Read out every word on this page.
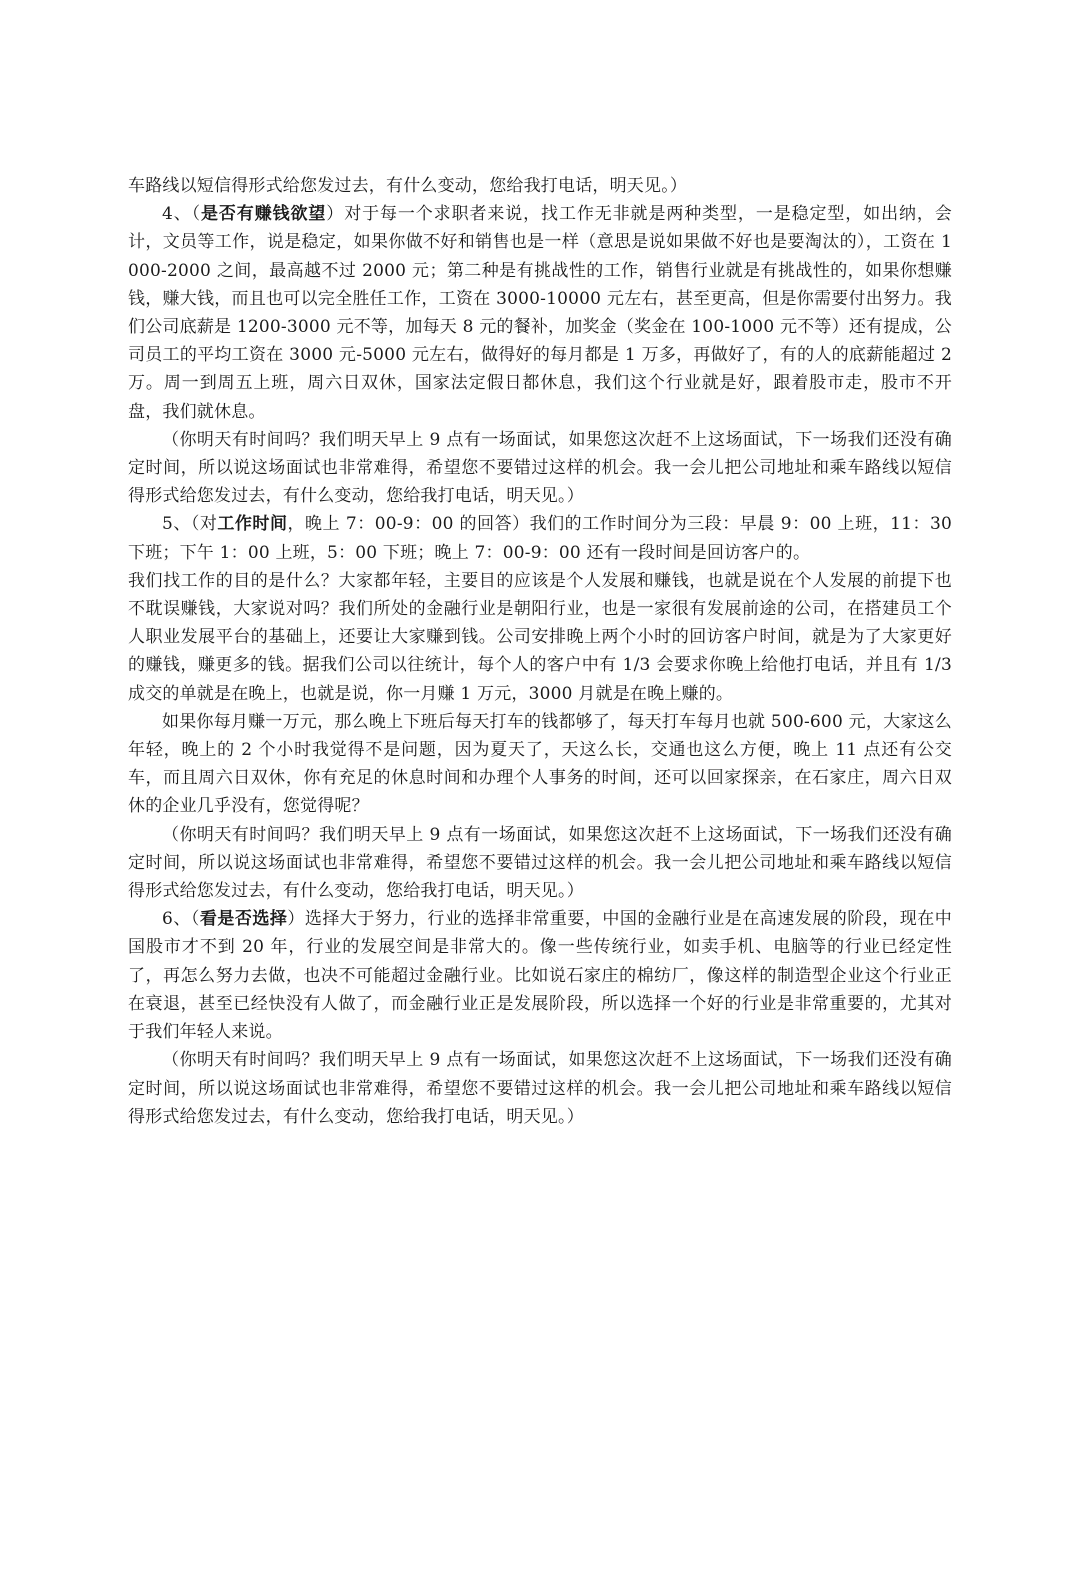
车路线以短信得形式给您发过去，有什么变动，您给我打电话，明天见。）

4、（是否有赚钱欲望）对于每一个求职者来说，找工作无非就是两种类型，一是稳定型，如出纳，会计，文员等工作，说是稳定，如果你做不好和销售也是一样（意思是说如果做不好也是要淘汰的），工资在 1000-2000 之间，最高越不过 2000 元；第二种是有挑战性的工作，销售行业就是有挑战性的，如果你想赚钱，赚大钱，而且也可以完全胜任工作，工资在 3000-10000 元左右，甚至更高，但是你需要付出努力。我们公司底薪是 1200-3000 元不等，加每天 8 元的餐补，加奖金（奖金在 100-1000 元不等）还有提成，公司员工的平均工资在 3000 元-5000 元左右，做得好的每月都是 1 万多，再做好了，有的人的底薪能超过 2 万。周一到周五上班，周六日双休，国家法定假日都休息，我们这个行业就是好，跟着股市走，股市不开盘，我们就休息。

（你明天有时间吗？我们明天早上 9 点有一场面试，如果您这次赶不上这场面试，下一场我们还没有确定时间，所以说这场面试也非常难得，希望您不要错过这样的机会。我一会儿把公司地址和乘车路线以短信得形式给您发过去，有什么变动，您给我打电话，明天见。）

5、（对工作时间，晚上 7：00-9：00 的回答）我们的工作时间分为三段：早晨 9：00 上班，11：30 下班；下午 1：00 上班，5：00 下班；晚上 7：00-9：00 还有一段时间是回访客户的。

我们找工作的目的是什么？大家都年轻，主要目的应该是个人发展和赚钱，也就是说在个人发展的前提下也不耽误赚钱，大家说对吗？我们所处的金融行业是朝阳行业，也是一家很有发展前途的公司，在搭建员工个 人职业发展平台的基础上，还要让大家赚到钱。公司安排晚上两个小时的回访客户时间，就是为了大家更好的赚钱，赚更多的钱。据我们公司以往统计，每个人的客户中有 1/3 会要求你晚上给他打电话，并且有 1/3 成交的单就是在晚上，也就是说，你一月赚 1 万元，3000 月就是在晚上赚的。

如果你每月赚一万元，那么晚上下班后每天打车的钱都够了，每天打车每月也就 500-600 元，大家这么年轻，晚上的 2 个小时我觉得不是问题，因为夏天了，天这么长，交通也这么方便，晚上 11 点还有公交车，而且周六日双休，你有充足的休息时间和办理个人事务的时间，还可以回家探亲，在石家庄，周六日双休的企业几乎没有，您觉得呢？

（你明天有时间吗？我们明天早上 9 点有一场面试，如果您这次赶不上这场面试，下一场我们还没有确定时间，所以说这场面试也非常难得，希望您不要错过这样的机会。我一会儿把公司地址和乘车路线以短信得形式给您发过去，有什么变动，您给我打电话，明天见。）

6、（看是否选择）选择大于努力，行业的选择非常重要，中国的金融行业是在高速发展的阶段，现在中国股市才不到 20 年，行业的发展空间是非常大的。像一些传统行业，如卖手机、电脑等的行业已经定性了，再怎么努力去做，也决不可能超过金融行业。比如说石家庄的棉纺厂，像这样的制造型企业这个行业正在衰退，甚至已经快没有人做了，而金融行业正是发展阶段，所以选择一个好的行业是非常重要的，尤其对于我们年轻人来说。

（你明天有时间吗？我们明天早上 9 点有一场面试，如果您这次赶不上这场面试，下一场我们还没有确定时间，所以说这场面试也非常难得，希望您不要错过这样的机会。我一会儿把公司地址和乘车路线以短信得形式给您发过去，有什么变动，您给我打电话，明天见。）
